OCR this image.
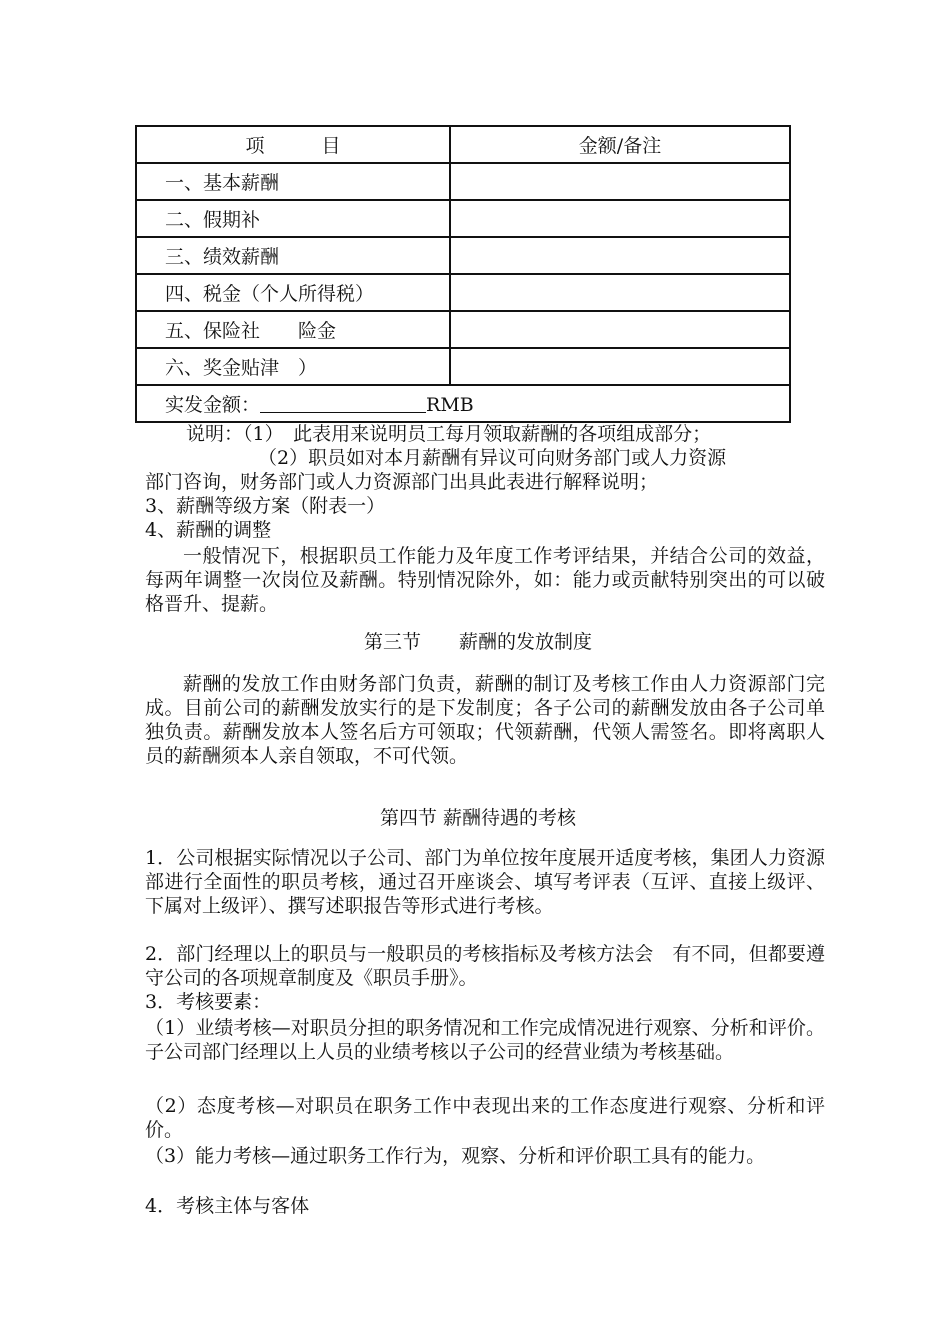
项　　　目	金额/备注
一、基本薪酬	
二、假期补	
三、绩效薪酬	
四、税金（个人所得税）	
五、保险社　　险金	
六、奖金贴津　）	
实发金额： RMB	
说明：（1）　此表用来说明员工每月领取薪酬的各项组成部分；
（2）职员如对本月薪酬有异议可向财务部门或人力资源
部门咨询，财务部门或人力资源部门出具此表进行解释说明；
3、薪酬等级方案（附表一）
4、薪酬的调整
一般情况下，根据职员工作能力及年度工作考评结果，并结合公司的效益，每两年调整一次岗位及薪酬。特别情况除外，如：能力或贡献特别突出的可以破格晋升、提薪。
第三节　　薪酬的发放制度
薪酬的发放工作由财务部门负责，薪酬的制订及考核工作由人力资源部门完成。目前公司的薪酬发放实行的是下发制度；各子公司的薪酬发放由各子公司单独负责。薪酬发放本人签名后方可领取；代领薪酬，代领人需签名。即将离职人员的薪酬须本人亲自领取，不可代领。
第四节 薪酬待遇的考核
1．公司根据实际情况以子公司、部门为单位按年度展开适度考核，集团人力资源部进行全面性的职员考核，通过召开座谈会、填写考评表（互评、直接上级评、下属对上级评）、撰写述职报告等形式进行考核。
2．部门经理以上的职员与一般职员的考核指标及考核方法会　有不同，但都要遵守公司的各项规章制度及《职员手册》。
3．考核要素：
（1）业绩考核—对职员分担的职务情况和工作完成情况进行观察、分析和评价。 子公司部门经理以上人员的业绩考核以子公司的经营业绩为考核基础。
（2）态度考核—对职员在职务工作中表现出来的工作态度进行观察、分析和评价。
（3）能力考核—通过职务工作行为，观察、分析和评价职工具有的能力。
4．考核主体与客体
